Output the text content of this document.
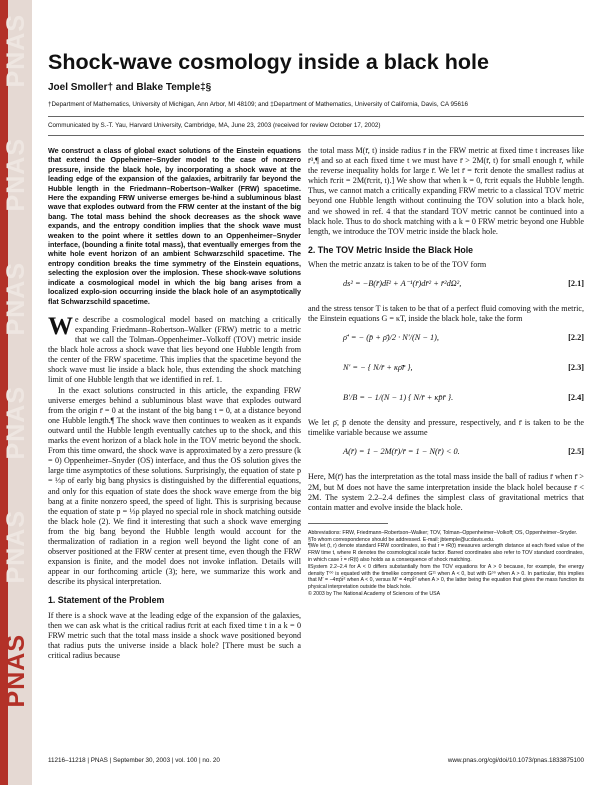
PNAS
PNAS
PNAS
PNAS
PNAS
PNAS
Shock-wave cosmology inside a black hole
Joel Smoller† and Blake Temple‡§
†Department of Mathematics, University of Michigan, Ann Arbor, MI 48109; and ‡Department of Mathematics, University of California, Davis, CA 95616
Communicated by S.-T. Yau, Harvard University, Cambridge, MA, June 23, 2003 (received for review October 17, 2002)

We construct a class of global exact solutions of the Einstein equations that extend the Oppeheimer–Snyder model to the case of nonzero pressure, inside the black hole, by incorporating a shock wave at the leading edge of the expansion of the galaxies, arbitrarily far beyond the Hubble length in the Friedmann–Robertson–Walker (FRW) spacetime. Here the expanding FRW universe emerges be-hind a subluminous blast wave that explodes outward from the FRW center at the instant of the big bang. The total mass behind the shock decreases as the shock wave expands, and the entropy condition implies that the shock wave must weaken to the point where it settles down to an Oppenheimer–Snyder interface, (bounding a finite total mass), that eventually emerges from the white hole event horizon of an ambient Schwarzschild spacetime. The entropy condition breaks the time symmetry of the Einstein equations, selecting the explosion over the implosion. These shock-wave solutions indicate a cosmological model in which the big bang arises from a localized explo-sion occurring inside the black hole of an asymptotically flat Schwarzschild spacetime.

We describe a cosmological model based on matching a critically expanding Friedmann–Robertson–Walker (FRW) metric to a metric that we call the Tolman–Oppenheimer–Volkoff (TOV) metric inside the black hole across a shock wave that lies beyond one Hubble length from the center of the FRW spacetime. This implies that the spacetime beyond the shock wave must lie inside a black hole, thus extending the shock matching limit of one Hubble length that we identified in ref. 1.

In the exact solutions constructed in this article, the expanding FRW universe emerges behind a subluminous blast wave that explodes outward from the origin r̄ = 0 at the instant of the big bang t = 0, at a distance beyond one Hubble length.¶ The shock wave then continues to weaken as it expands outward until the Hubble length eventually catches up to the shock, and this marks the event horizon of a black hole in the TOV metric beyond the shock. From this time onward, the shock wave is approximated by a zero pressure (k = 0) Oppenheimer–Snyder (OS) interface, and thus the OS solution gives the large time asymptotics of these solutions. Surprisingly, the equation of state p = ⅓ρ of early big bang physics is distinguished by the differential equations, and only for this equation of state does the shock wave emerge from the big bang at a finite nonzero speed, the speed of light. This is surprising because the equation of state p = ⅓ρ played no special role in shock matching outside the black hole (2). We find it interesting that such a shock wave emerging from the big bang beyond the Hubble length would account for the thermalization of radiation in a region well beyond the light cone of an observer positioned at the FRW center at present time, even though the FRW expansion is finite, and the model does not invoke inflation. Details will appear in our forthcoming article (3); here, we summarize this work and describe its physical interpretation.

1. Statement of the Problem

If there is a shock wave at the leading edge of the expansion of the galaxies, then we can ask what is the critical radius r̄crit at each fixed time t in a k = 0 FRW metric such that the total mass inside a shock wave positioned beyond that radius puts the universe inside a black hole? [There must be such a critical radius because

the total mass M(r̄, t) inside radius r̄ in the FRW metric at fixed time t increases like r̄³,¶ and so at each fixed time t we must have r̄ > 2M(r̄, t) for small enough r̄, while the reverse inequality holds for large r̄. We let r̄ = r̄crit denote the smallest radius at which r̄crit = 2M(r̄crit, t).] We show that when k = 0, r̄crit equals the Hubble length. Thus, we cannot match a critically expanding FRW metric to a classical TOV metric beyond one Hubble length without continuing the TOV solution into a black hole, and we showed in ref. 4 that the standard TOV metric cannot be continued into a black hole. Thus to do shock matching with a k = 0 FRW metric beyond one Hubble length, we introduce the TOV metric inside the black hole.

2. The TOV Metric Inside the Black Hole

When the metric anzatz is taken to be of the TOV form

ds² = −B(r̄)dt̄² + A⁻¹(r̄)dr̄² + r̄²dΩ²,	[2.1]

and the stress tensor T is taken to be that of a perfect fluid comoving with the metric, the Einstein equations G = κT, inside the black hole, take the form

ρ̄′ = − (p̄ + ρ̄)/2 · N′/(N − 1),	[2.2]
N′ = − { N/r̄ + κρ̄r̄ },	[2.3]
B′/B = − 1/(N − 1) { N/r̄ + κp̄r̄ }.	[2.4]

We let ρ̄, p̄ denote the density and pressure, respectively, and r̄ is taken to be the timelike variable because we assume

A(r̄) = 1 − 2M(r̄)/r̄ = 1 − N(r̄) < 0.	[2.5]

Here, M(r̄) has the interpretation as the total mass inside the ball of radius r̄ when r̄ > 2M, but M does not have the same interpretation inside the black hole‖ because r̄ < 2M. The system 2.2–2.4 defines the simplest class of gravitational metrics that contain matter and evolve inside the black hole.

Abbreviations: FRW, Friedmann–Robertson–Walker; TOV, Tolman–Oppenheimer–Volkoff; OS, Oppenheimer–Snyder.

§To whom correspondence should be addressed. E-mail: jbtemple@ucdavis.edu.

¶We let (t, r) denote standard FRW coordinates, so that r̄ = rR(t) measures arclength distance at each fixed value of the FRW time t, where R denotes the cosmological scale factor. Barred coordinates also refer to TOV standard coordinates, in which case r̄ = rR(t) also holds as a consequence of shock matching.

‖System 2.2–2.4 for A < 0 differs substantially from the TOV equations for A > 0 because, for example, the energy density T⁰⁰ is equated with the timelike component G¹¹ when A < 0, but with G⁰⁰ when A > 0. In particular, this implies that M′ = −4πp̄r̄² when A < 0, versus M′ = 4πρ̄r̄² when A > 0, the latter being the equation that gives the mass function its physical interpretation outside the black hole.

© 2003 by The National Academy of Sciences of the USA

11216–11218 | PNAS | September 30, 2003 | vol. 100 | no. 20	www.pnas.org/cgi/doi/10.1073/pnas.1833875100
